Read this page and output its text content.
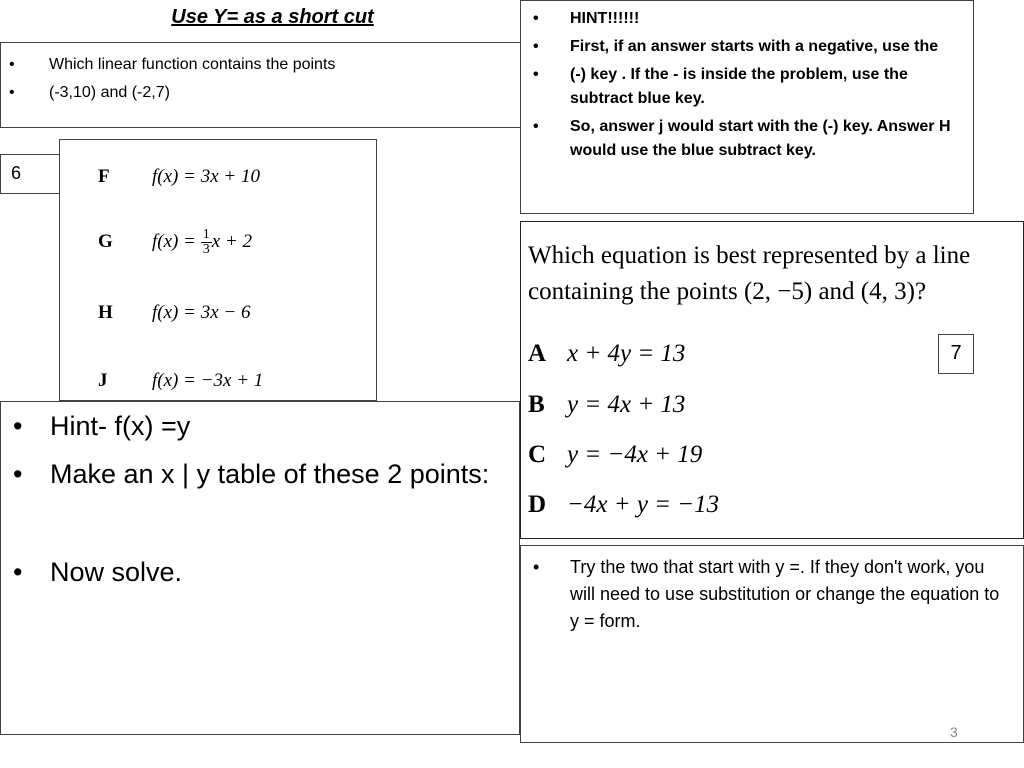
Use Y= as a short cut
• Which linear function contains the points
• (-3,10) and (-2,7)
F f(x) = 3x + 10
G $f(x) = \frac{1}{3}$ x + 2
H f(x) = 3x − 6
J f(x) = −3x + 1
6
• Hint- f(x) =y
• Make an x | y table of these 2 points:
• Now solve.
• HINT!!!!!!
• First, if an answer starts with a negative, use the
• (-) key . If the - is inside the problem, use the subtract blue key.
• So, answer j would start with the (-) key. Answer H would use the blue subtract key.
Which equation is best represented by a line containing the points (2, −5) and (4, 3)?
A x + 4y = 13
B y = 4x + 13
C y = −4x + 19
D −4x + y = −13
7
• Try the two that start with y =. If they don't work, you will need to use substitution or change the equation to y = form.
3
